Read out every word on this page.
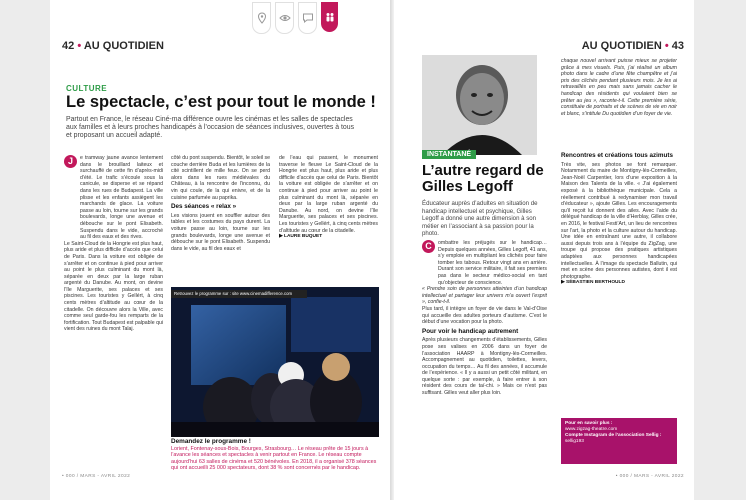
42 • AU QUOTIDIEN
CULTURE
Le spectacle, c’est pour tout le monde !
Partout en France, le réseau Ciné-ma différence ouvre les cinémas et les salles de spectacles aux familles et à leurs proches handicapés à l’occasion de séances inclusives, ouvertes à tous et proposant un accueil adapté.
J	e tramway jaune avance lentement dans le brouillard laiteux et surchauffé de cette fin d’après-midi d’été. Le trafic s’écoule sous la canicule, se disperse et se répand dans les rues de Budapest. La ville plisse et les enfants assiègent les marchands de glace. La voiture passe au loin, tourne sur les grands boulevards, longe une avenue et débouche sur le pont Elisabeth. Suspendu dans le vide, accroché au fil des eaux et des rives.

Le Saint-Cloud de la Hongrie est plus haut, plus aride et plus difficile d’accès que celui de Paris. Dans la voiture est obligée de s’arrêter et on continue à pied pour arriver au point le plus culminant du mont là, séparée en deux par la large ruban argenté du Danube. Au mont, on devine l’île Marguerite, ses palaces et ses piscines. Les touristes y Gellért, à cinq cents mètres d’altitude au cœur de la citadelle. On découvre alors la Ville, avec comme seul garde-fou les remparts de la fortification. Tout Budapest est palpable qui vient des ruines du mont Talaj.

côté du pont suspendu. Bientôt, le soleil se couche derrière Buda et les lumières de la cité scintillent de mille feux. On se perd alors dans les rues médiévales du Château, à la rencontre de l’inconnu, du vin qui coule, de la qui enivre, et de la cuisine parfumée au paprika.

Des séances « relax »

Les visions jouent en souffler autour des tables et les costumes du pays durent. La voiture passe au loin, tourne sur les grands boulevards, longe une avenue et débouche sur le pont Elisabeth. Suspendu dans le vide, au fil des eaux et

de l’eau qui passent, le monument traverse le fleuve Le Saint-Cloud de la Hongrie est plus haut, plus aride et plus difficile d’accès que celui de Paris. Bientôt la voiture est obligée de s’arrêter et on continue à pied pour arriver au point le plus culminant du mont là, séparée en deux par la large ruban argenté du Danube. Au nord, on devine l’île Marguerite, ses palaces et ses piscines. Les touristes y Gellért, à cinq cents mètres d’altitude au cœur de la citadelle.

▶ LAURE BUQUET

Retrouvez le programme sur : site www.cinemadifference.com
Demandez le programme !
Lorient, Fontenay-sous-Bois, Bourges, Strasbourg… Le réseau prête de 15 jours à l’avance les séances et spectacles à venir partout en France. Le réseau compte aujourd’hui 63 salles de cinéma et 520 bénévoles. En 2018, il a organisé 378 séances qui ont accueilli 25 000 spectateurs, dont 38 % sont concernés par le handicap.
• 000 / MARS - AVRIL 2022
AU QUOTIDIEN • 43
INSTANTANÉ
L’autre regard de Gilles Legoff
Éducateur auprès d’adultes en situation de handicap intellectuel et psychique, Gilles Legoff a donné une autre dimension à son métier en l’associant à sa passion pour la photo.

chaque nouvel arrivant puisse mieux se projeter grâce à mes visuels. Puis, j’ai réalisé un album photo dans le cadre d’une fête champêtre et j’ai pris des clichés pendant plusieurs mois. Je les ai retravaillés en peu mais sans jamais cacher le handicap des résidents qui voulaient bien se prêter au jeu », raconte-t-il. Cette première série, constituée de portraits et de scènes de vie en noir et blanc, s’intitule Du quotidien d’un foyer de vie.

C	ombattre les préjugés sur le handicap… Depuis quelques années, Gilles Legoff, 41 ans, s’y emploie en multipliant les clichés pour faire tomber les tabous. Retour vingt ans en arrière. Durant son service militaire, il fait ses premiers pas dans le secteur médico-social en tant qu’objecteur de conscience.

« Prendre soin de personnes atteintes d’un handicap intellectuel et partager leur univers m’a ouvert l’esprit », confie-t-il.

Plus tard, il intègre un foyer de vie dans le Val-d’Oise qui accueille des adultes porteurs d’autisme. C’est le début d’une vocation pour la photo.

Pour voir le handicap autrement

Après plusieurs changements d’établissements, Gilles pose ses valises en 2006 dans un foyer de l’association HAARP à Montigny-lès-Cormeilles. Accompagnement au quotidien, toilettes, levers, occupation du temps… Au fil des années, il accumule de l’expérience. « Il y a aussi un petit côté militant, en quelque sorte : par exemple, à faire entrer à son résident des cours de taï-chi. » Mais ce n’est pas suffisant. Gilles veut aller plus loin.

Rencontres et créations tous azimuts

Très vite, ses photos se font remarquer. Notamment du maire de Montigny-lès-Cormeilles, Jean-Noël Carpentier, lors d’une exposition à la Maison des Talents de la ville. « J’ai également exposé à la bibliothèque municipale. Cela a réellement contribué à redynamiser mon travail d’éducateur », ajoute Gilles. Les encouragements qu’il reçoit lui donnent des ailes. Avec l’aide du délégué handicap de la ville d’Herblay, Gilles crée, en 2016, le festival Festi’Art, un lieu de rencontres sur l’art, la photo et la culture autour du handicap. Une idée en entraînant une autre, il collabore aussi depuis trois ans à l’équipe du ZigZag, une troupe qui propose des pratiques artistiques adaptées aux personnes handicapées intellectuelles. À l’image du spectacle Ballutin, qui met en scène des personnes autistes, dont il est photographe.

▶ SÉBASTIEN BERTHOULD

Pour en savoir plus :
www.zigzag-theatre.com
Compte Instagram de l’association Sellig :
sellig193
• 000 / MARS - AVRIL 2022
